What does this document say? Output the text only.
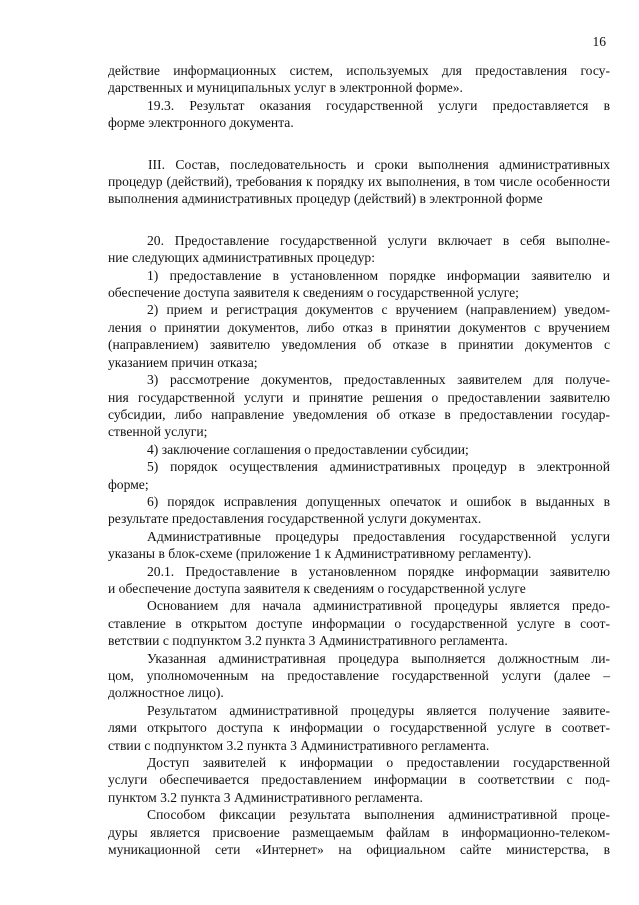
16

действие информационных систем, используемых для предоставления госу-

дарственных и муниципальных услуг в электронной форме».

19.3. Результат оказания государственной услуги предоставляется в

форме электронного документа.

III. Состав, последовательность и сроки выполнения административных процедур (действий), требования к порядку их выполнения, в том числе особенности выполнения административных процедур (действий) в электронной форме

20. Предоставление государственной услуги включает в себя выполне-

ние следующих административных процедур:

1) предоставление в установленном порядке информации заявителю и

обеспечение доступа заявителя к сведениям о государственной услуге;

2) прием и регистрация документов с вручением (направлением) уведом-

ления о принятии документов, либо отказ в принятии документов с вручением

(направлением) заявителю уведомления об отказе в принятии документов с

указанием причин отказа;

3) рассмотрение документов, предоставленных заявителем для получе-

ния государственной услуги и принятие решения о предоставлении заявителю

субсидии, либо направление уведомления об отказе в предоставлении государ-

ственной услуги;

4) заключение соглашения о предоставлении субсидии;

5) порядок осуществления административных процедур в электронной

форме;

6) порядок исправления допущенных опечаток и ошибок в выданных в

результате предоставления государственной услуги документах.

Административные процедуры предоставления государственной услуги

указаны в блок-схеме (приложение 1 к Административному регламенту).

20.1. Предоставление в установленном порядке информации заявителю

и обеспечение доступа заявителя к сведениям о государственной услуге

Основанием для начала административной процедуры является предо-

ставление в открытом доступе информации о государственной услуге в соот-

ветствии с подпунктом 3.2 пункта 3 Административного регламента.

Указанная административная процедура выполняется должностным ли-

цом, уполномоченным на предоставление государственной услуги (далее –

должностное лицо).

Результатом административной процедуры является получение заявите-

лями открытого доступа к информации о государственной услуге в соответ-

ствии с подпунктом 3.2 пункта 3 Административного регламента.

Доступ заявителей к информации о предоставлении государственной

услуги обеспечивается предоставлением информации в соответствии с под-

пунктом 3.2 пункта 3 Административного регламента.

Способом фиксации результата выполнения административной проце-

дуры является присвоение размещаемым файлам в информационно-телеком-

муникационной сети «Интернет» на официальном сайте министерства, в
